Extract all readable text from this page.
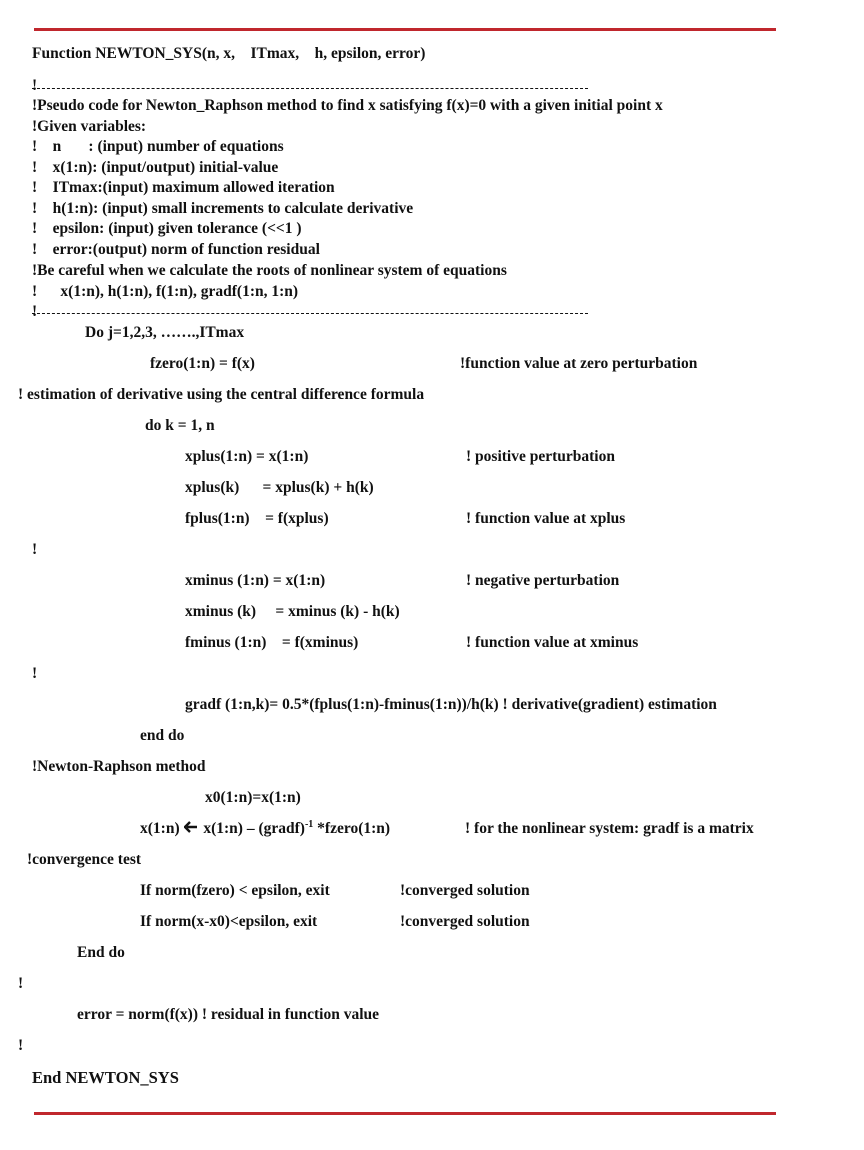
Function NEWTON_SYS(n, x,    ITmax,    h, epsilon, error)
!
!Pseudo code for Newton_Raphson method to find x satisfying f(x)=0 with a given initial point x
!Given variables:
!    n       : (input) number of equations
!    x(1:n): (input/output) initial-value
!    ITmax:(input) maximum allowed iteration
!    h(1:n): (input) small increments to calculate derivative
!    epsilon: (input) given tolerance (<<1 )
!    error:(output) norm of function residual
!Be careful when we calculate the roots of nonlinear system of equations
!      x(1:n), h(1:n), f(1:n), gradf(1:n, 1:n)
!
Do j=1,2,3, …….,ITmax
fzero(1:n) = f(x)	!function value at zero perturbation
! estimation of derivative using the central difference formula
do k = 1, n
xplus(1:n) = x(1:n)	! positive perturbation
xplus(k)      = xplus(k) + h(k)
fplus(1:n)    = f(xplus)	! function value at xplus
!
xminus (1:n) = x(1:n)	! negative perturbation
xminus (k)     = xminus (k) - h(k)
fminus (1:n)    = f(xminus)	! function value at xminus
!
gradf (1:n,k)= 0.5*(fplus(1:n)-fminus(1:n))/h(k) ! derivative(gradient) estimation
end do
!Newton-Raphson method
x0(1:n)=x(1:n)
x(1:n) x(1:n) – (gradf)$^{-1}$ *fzero(1:n)	! for the nonlinear system: gradf is a matrix
!convergence test
If norm(fzero) < epsilon, exit	!converged solution
If norm(x-x0)<epsilon, exit	!converged solution
End do
!
error = norm(f(x)) ! residual in function value
!
End NEWTON_SYS
